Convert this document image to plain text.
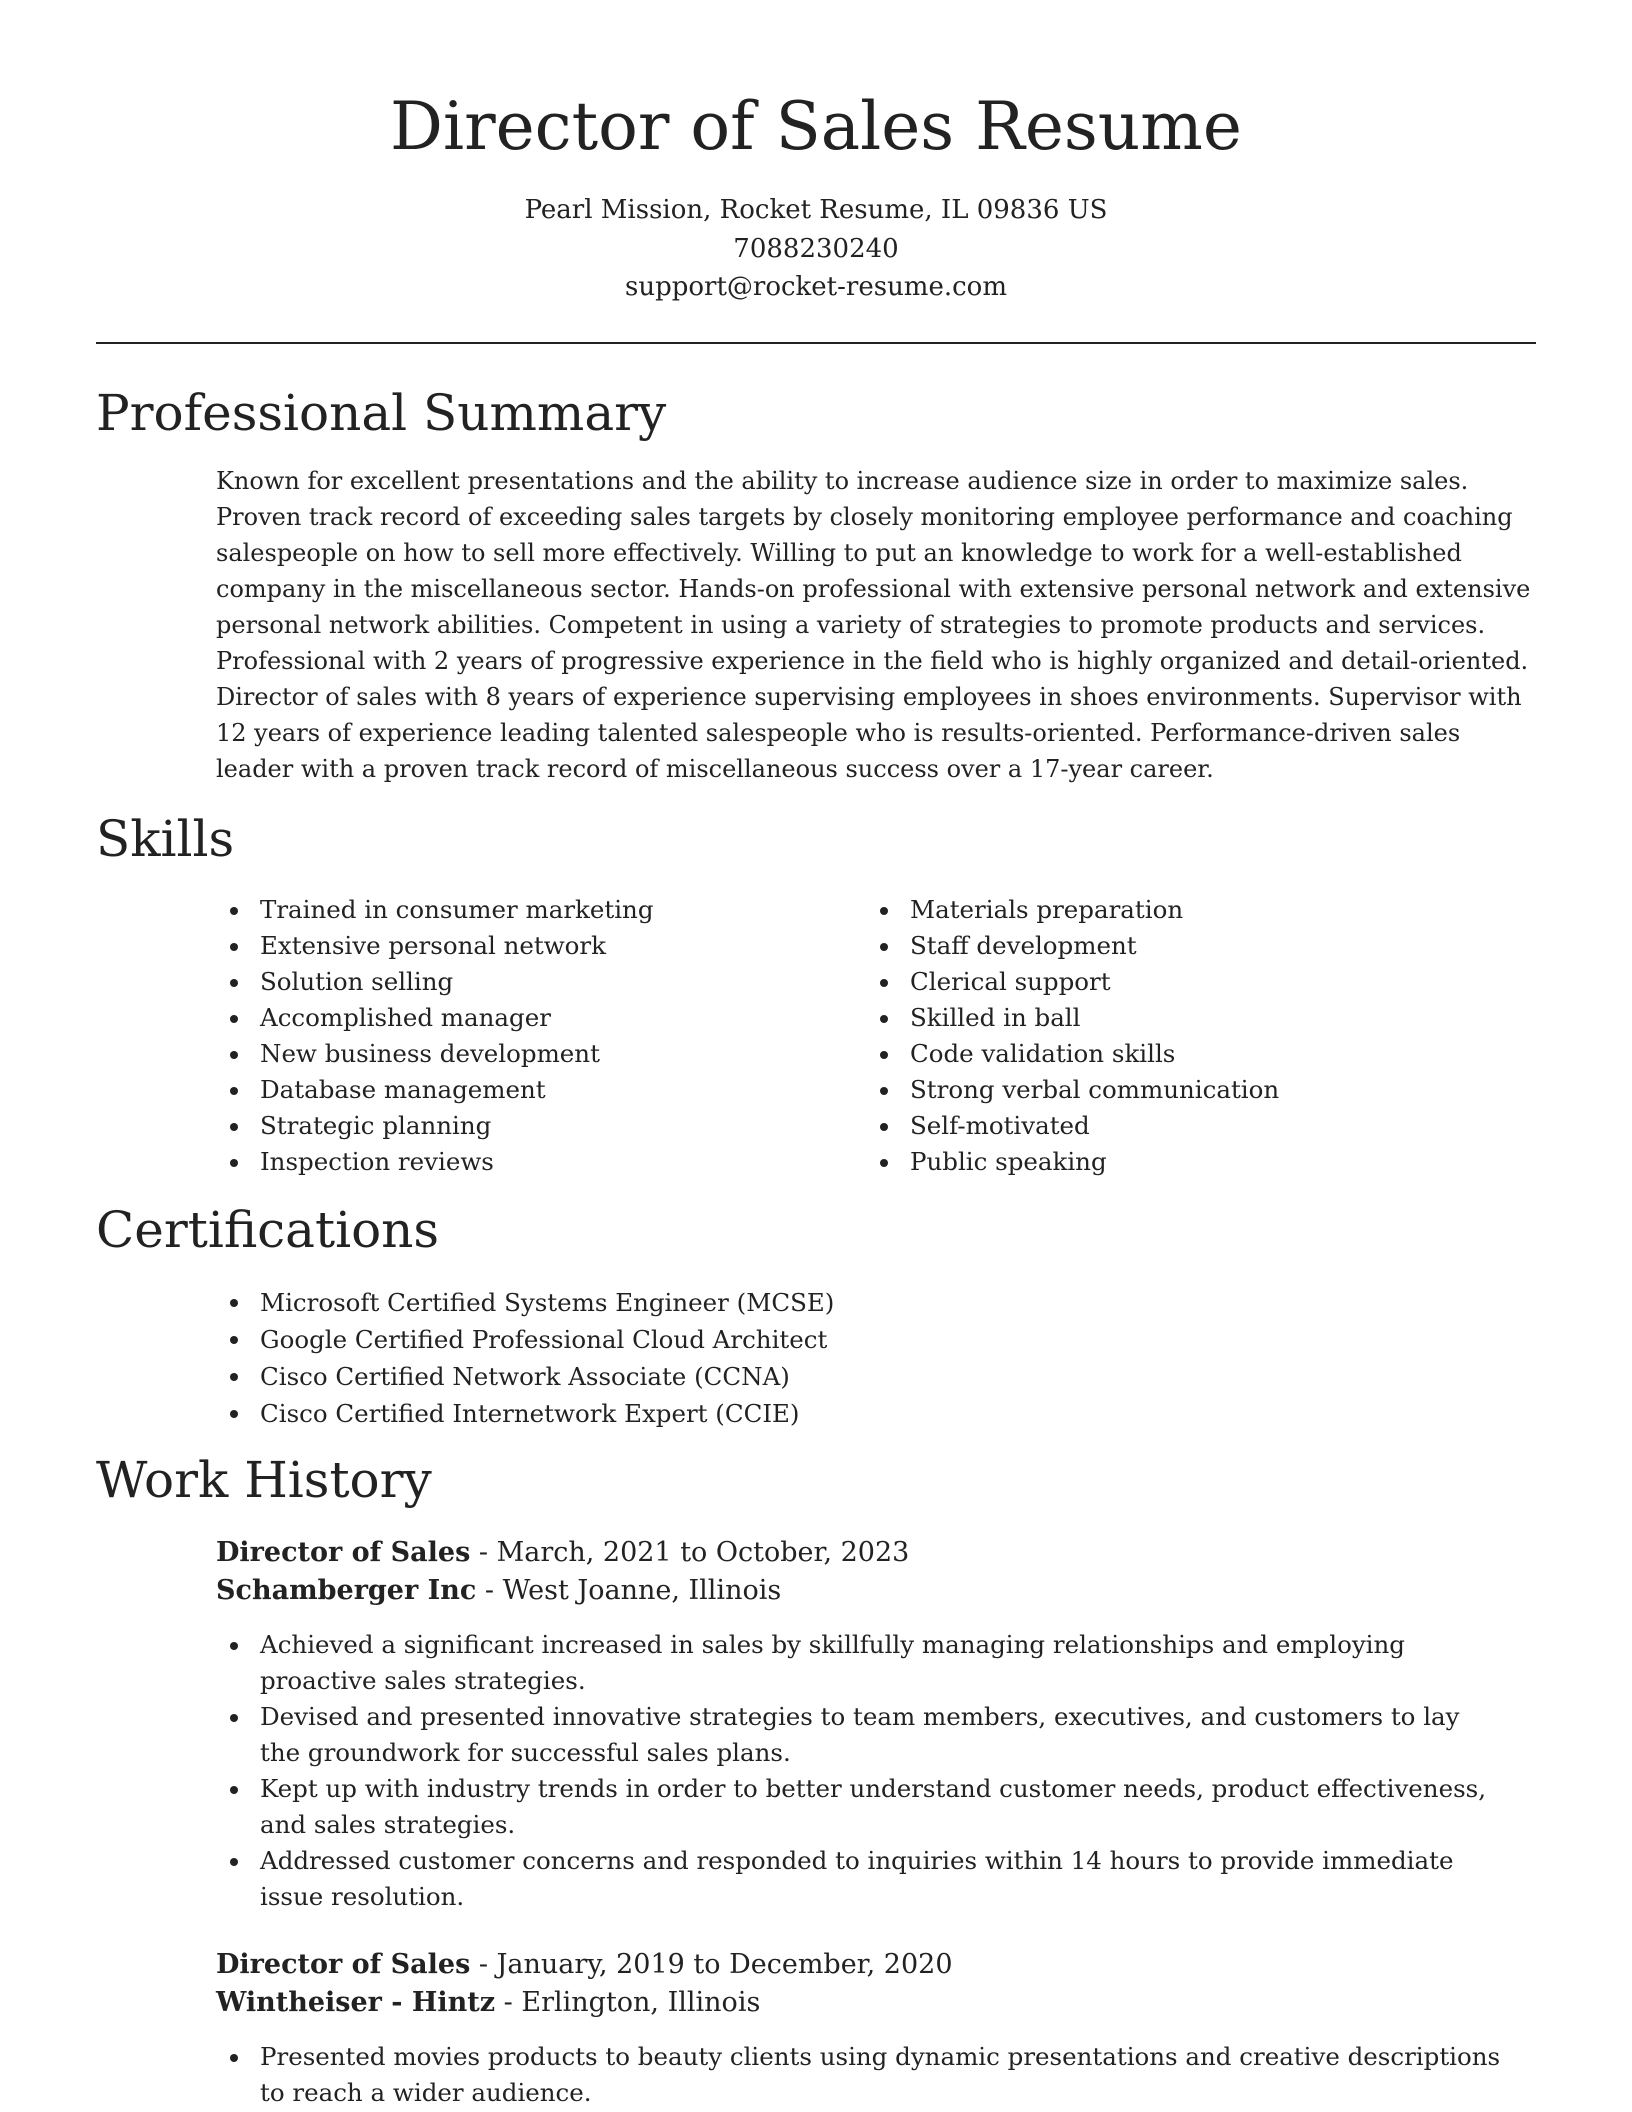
Director of Sales Resume
Pearl Mission, Rocket Resume, IL 09836 US
7088230240
support@rocket-resume.com
Professional Summary

Known for excellent presentations and the ability to increase audience size in order to maximize sales. Proven track record of exceeding sales targets by closely monitoring employee performance and coaching salespeople on how to sell more effectively. Willing to put an knowledge to work for a well-established company in the miscellaneous sector. Hands-on professional with extensive personal network and extensive personal network abilities. Competent in using a variety of strategies to promote products and services. Professional with 2 years of progressive experience in the field who is highly organized and detail-oriented. Director of sales with 8 years of experience supervising employees in shoes environments. Supervisor with 12 years of experience leading talented salespeople who is results-oriented. Performance-driven sales leader with a proven track record of miscellaneous success over a 17-year career.

Skills
Trained in consumer marketing
Extensive personal network
Solution selling
Accomplished manager
New business development
Database management
Strategic planning
Inspection reviews
Materials preparation
Staff development
Clerical support
Skilled in ball
Code validation skills
Strong verbal communication
Self-motivated
Public speaking
Certifications
Microsoft Certified Systems Engineer (MCSE)
Google Certified Professional Cloud Architect
Cisco Certified Network Associate (CCNA)
Cisco Certified Internetwork Expert (CCIE)
Work History
Director of Sales - March, 2021 to October, 2023
Schamberger Inc - West Joanne, Illinois
Achieved a significant increased in sales by skillfully managing relationships and employing proactive sales strategies.
Devised and presented innovative strategies to team members, executives, and customers to lay the groundwork for successful sales plans.
Kept up with industry trends in order to better understand customer needs, product effectiveness, and sales strategies.
Addressed customer concerns and responded to inquiries within 14 hours to provide immediate issue resolution.
Director of Sales - January, 2019 to December, 2020
Wintheiser - Hintz - Erlington, Illinois
Presented movies products to beauty clients using dynamic presentations and creative descriptions to reach a wider audience.
